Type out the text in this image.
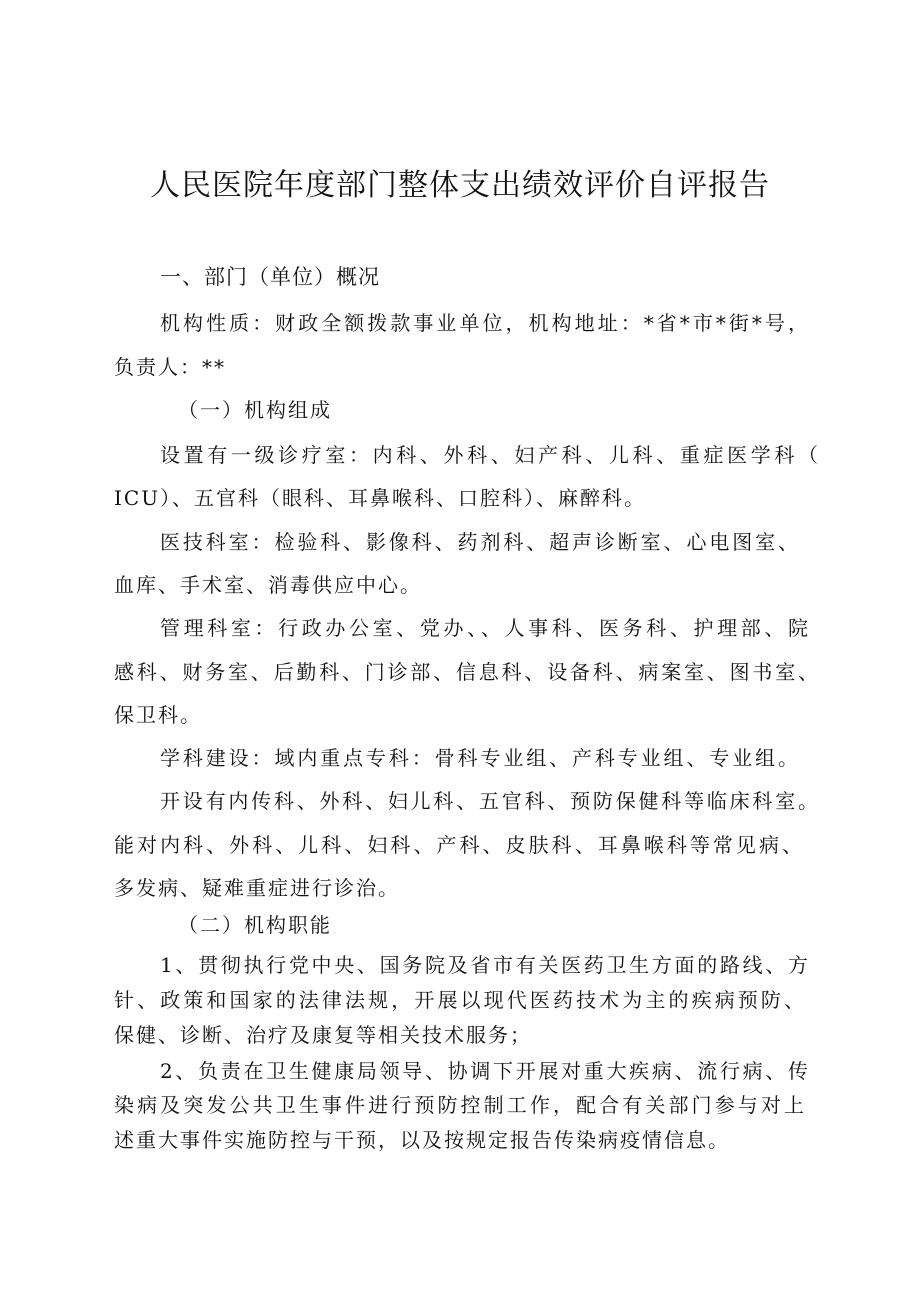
人民医院年度部门整体支出绩效评价自评报告
一、部门（单位）概况
机构性质：财政全额拨款事业单位，机构地址：*省*市*街*号，
负责人：**
（一）机构组成
设置有一级诊疗室：内科、外科、妇产科、儿科、重症医学科（
ICU）、五官科（眼科、耳鼻喉科、口腔科）、麻醉科。
医技科室：检验科、影像科、药剂科、超声诊断室、心电图室、
血库、手术室、消毒供应中心。
管理科室：行政办公室、党办、、人事科、医务科、护理部、院
感科、财务室、后勤科、门诊部、信息科、设备科、病案室、图书室、
保卫科。
学科建设：域内重点专科：骨科专业组、产科专业组、专业组。
开设有内传科、外科、妇儿科、五官科、预防保健科等临床科室。
能对内科、外科、儿科、妇科、产科、皮肤科、耳鼻喉科等常见病、
多发病、疑难重症进行诊治。
（二）机构职能
1、贯彻执行党中央、国务院及省市有关医药卫生方面的路线、方
针、政策和国家的法律法规，开展以现代医药技术为主的疾病预防、
保健、诊断、治疗及康复等相关技术服务；
2、负责在卫生健康局领导、协调下开展对重大疾病、流行病、传
染病及突发公共卫生事件进行预防控制工作，配合有关部门参与对上
述重大事件实施防控与干预，以及按规定报告传染病疫情信息。
